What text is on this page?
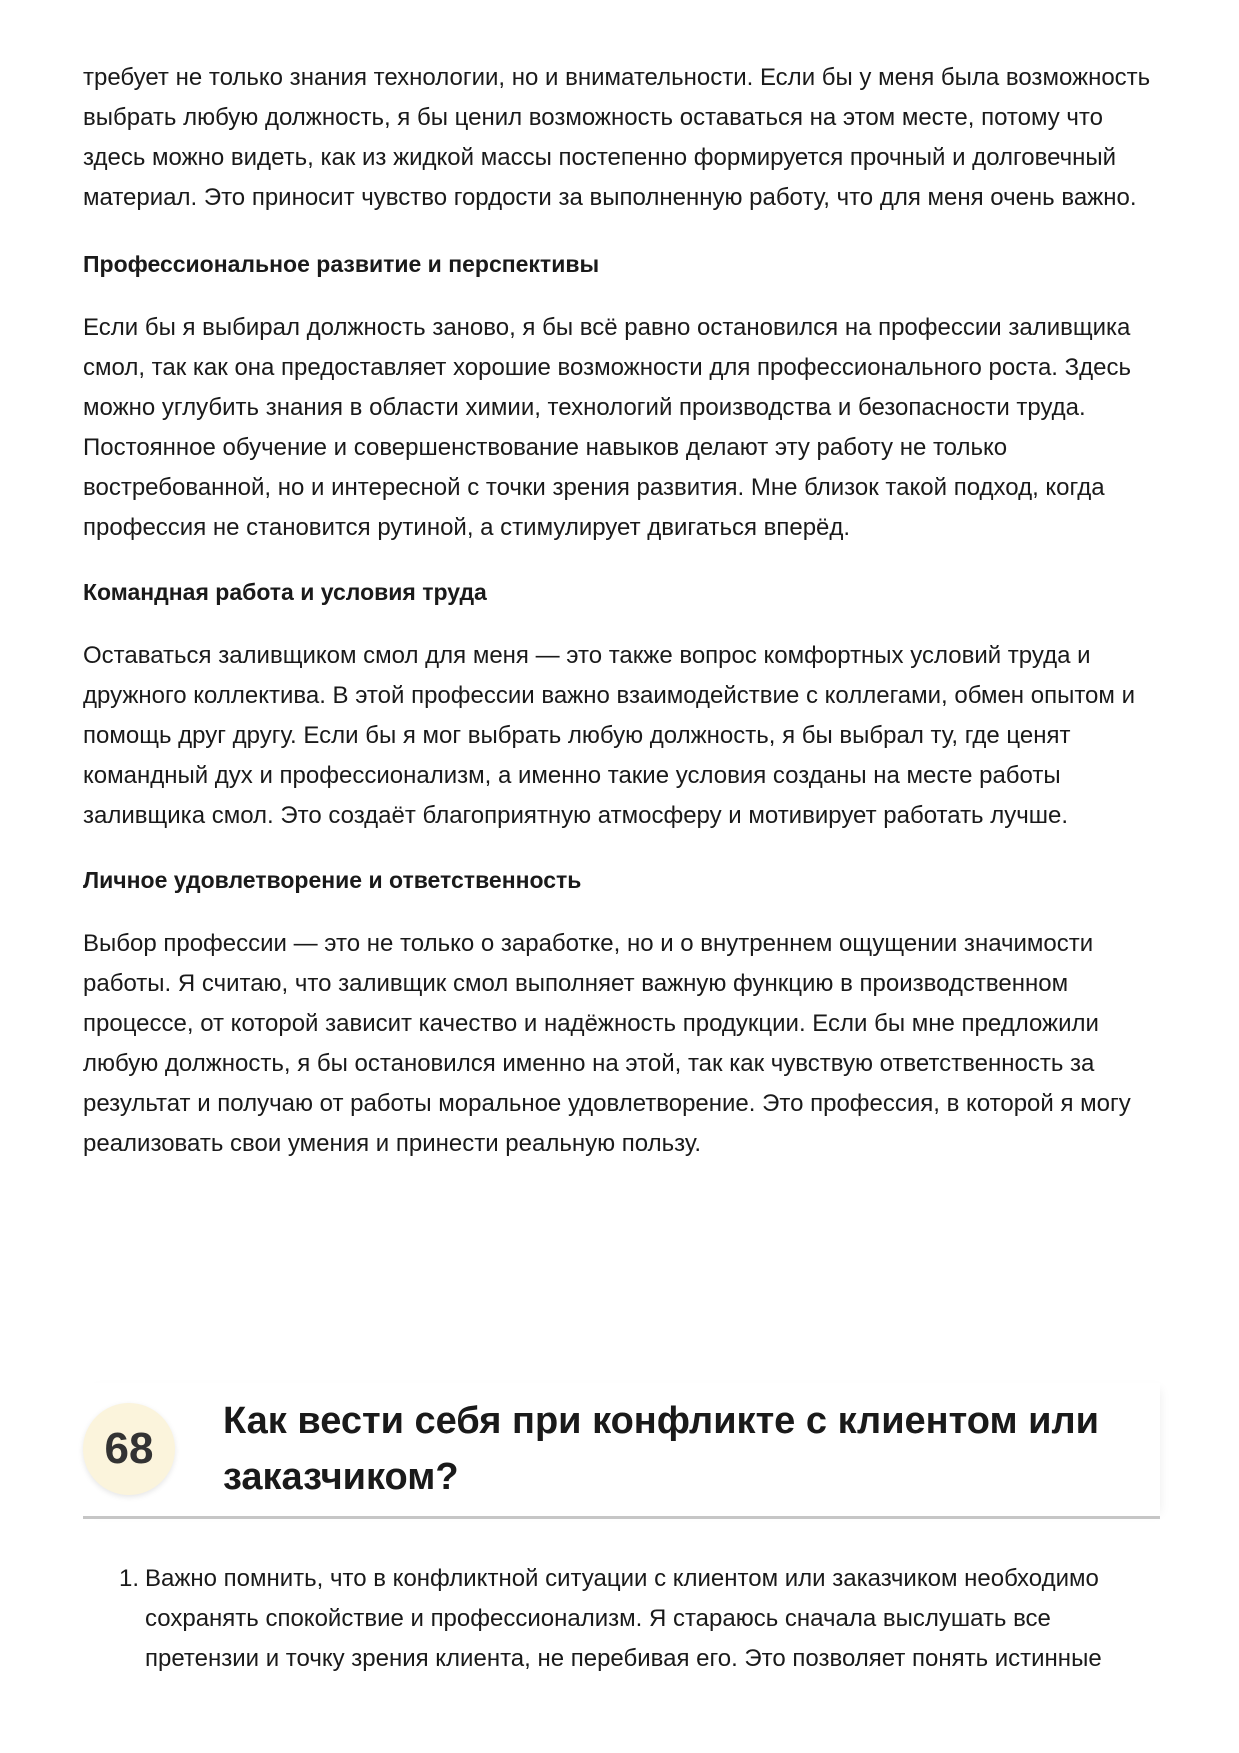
требует не только знания технологии, но и внимательности. Если бы у меня была возможность выбрать любую должность, я бы ценил возможность оставаться на этом месте, потому что здесь можно видеть, как из жидкой массы постепенно формируется прочный и долговечный материал. Это приносит чувство гордости за выполненную работу, что для меня очень важно.

Профессиональное развитие и перспективы

Если бы я выбирал должность заново, я бы всё равно остановился на профессии заливщика смол, так как она предоставляет хорошие возможности для профессионального роста. Здесь можно углубить знания в области химии, технологий производства и безопасности труда. Постоянное обучение и совершенствование навыков делают эту работу не только востребованной, но и интересной с точки зрения развития. Мне близок такой подход, когда профессия не становится рутиной, а стимулирует двигаться вперёд.

Командная работа и условия труда

Оставаться заливщиком смол для меня — это также вопрос комфортных условий труда и дружного коллектива. В этой профессии важно взаимодействие с коллегами, обмен опытом и помощь друг другу. Если бы я мог выбрать любую должность, я бы выбрал ту, где ценят командный дух и профессионализм, а именно такие условия созданы на месте работы заливщика смол. Это создаёт благоприятную атмосферу и мотивирует работать лучше.

Личное удовлетворение и ответственность

Выбор профессии — это не только о заработке, но и о внутреннем ощущении значимости работы. Я считаю, что заливщик смол выполняет важную функцию в производственном процессе, от которой зависит качество и надёжность продукции. Если бы мне предложили любую должность, я бы остановился именно на этой, так как чувствую ответственность за результат и получаю от работы моральное удовлетворение. Это профессия, в которой я могу реализовать свои умения и принести реальную пользу.

68
Как вести себя при конфликте с клиентом или заказчиком?
1. Важно помнить, что в конфликтной ситуации с клиентом или заказчиком необходимо сохранять спокойствие и профессионализм. Я стараюсь сначала выслушать все претензии и точку зрения клиента, не перебивая его. Это позволяет понять истинные
